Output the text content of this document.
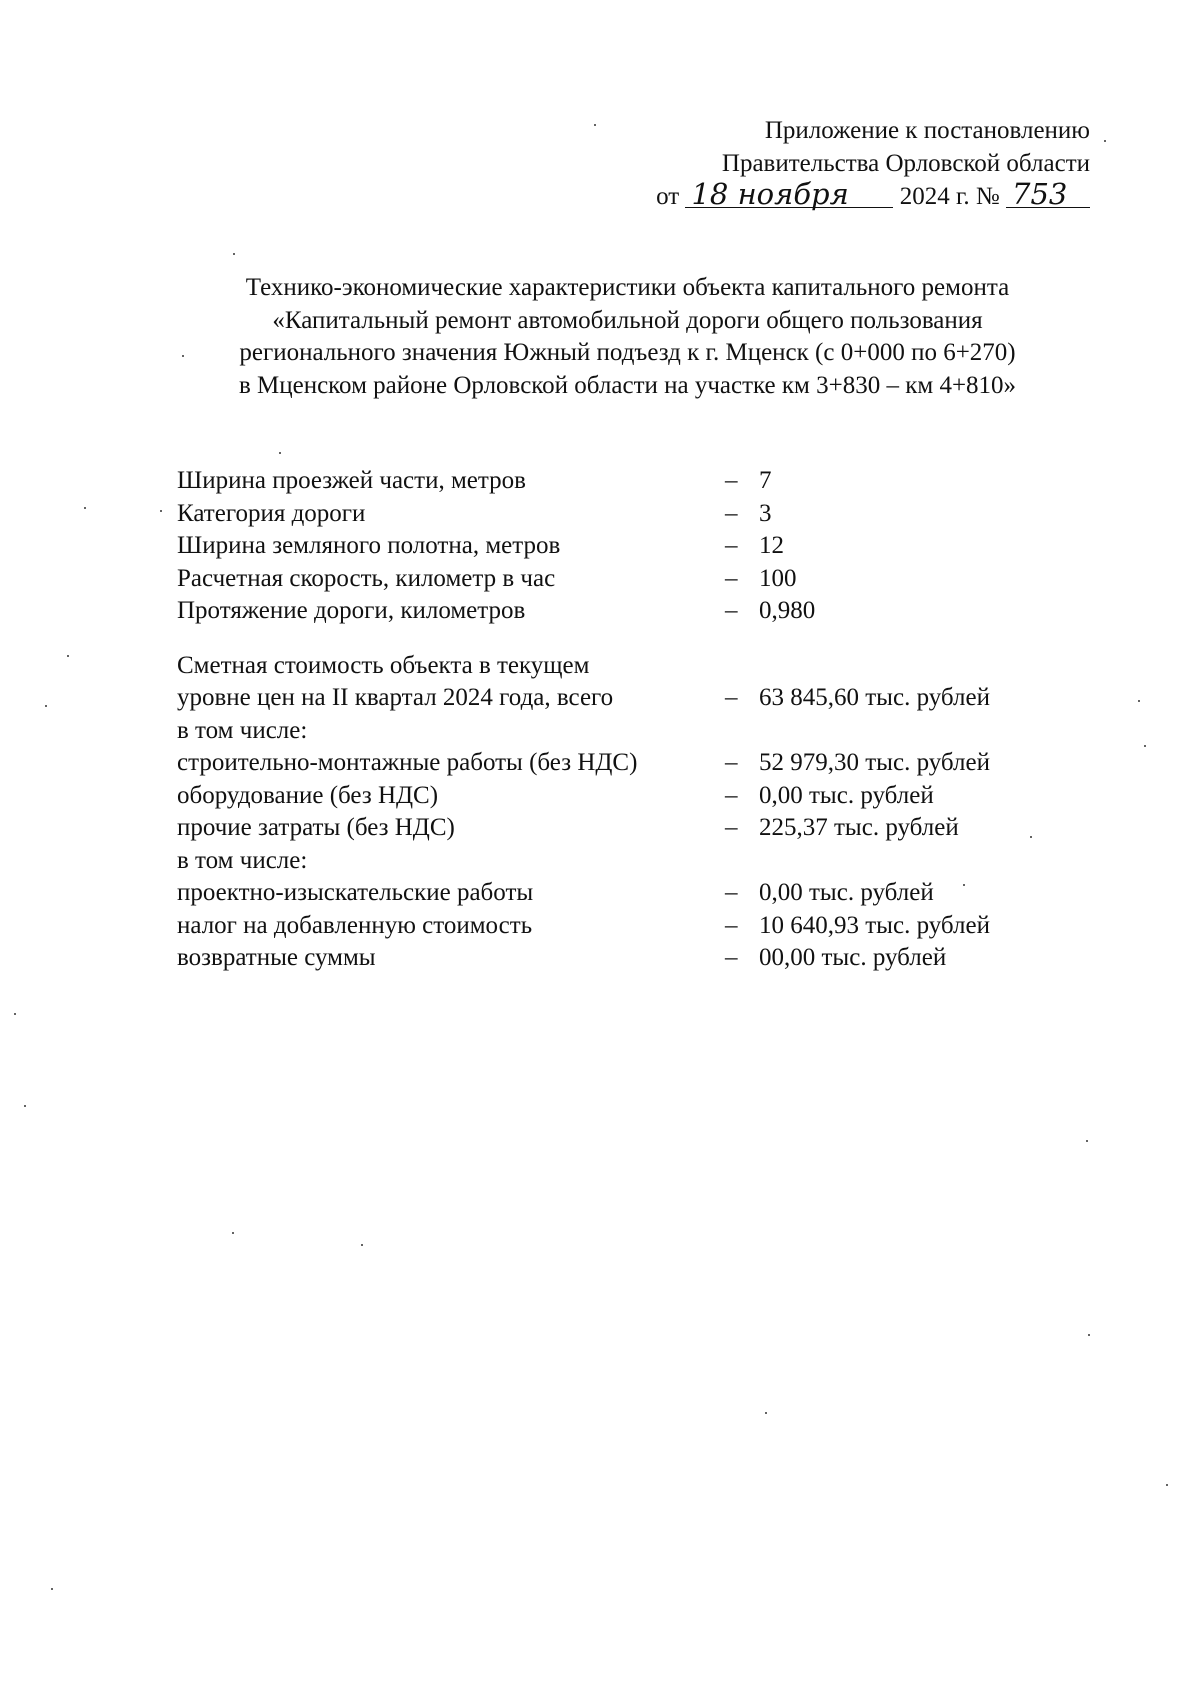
Приложение к постановлению
Правительства Орловской области
от 18 ноября 2024 г. № 753
Технико-экономические характеристики объекта капитального ремонта
«Капитальный ремонт автомобильной дороги общего пользования
регионального значения Южный подъезд к г. Мценск (с 0+000 по 6+270)
в Мценском районе Орловской области на участке км 3+830 – км 4+810»
Ширина проезжей части, метров	– 7
Категория дороги	– 3
Ширина земляного полотна, метров	– 12
Расчетная скорость, километр в час	– 100
Протяжение дороги, километров	– 0,980
Сметная стоимость объекта в текущем
уровне цен на II квартал 2024 года, всего	– 63 845,60 тыс. рублей
в том числе:
строительно-монтажные работы (без НДС)	– 52 979,30 тыс. рублей
оборудование (без НДС)	– 0,00 тыс. рублей
прочие затраты (без НДС)	– 225,37 тыс. рублей
в том числе:
проектно-изыскательские работы	– 0,00 тыс. рублей
налог на добавленную стоимость	– 10 640,93 тыс. рублей
возвратные суммы	– 00,00 тыс. рублей
